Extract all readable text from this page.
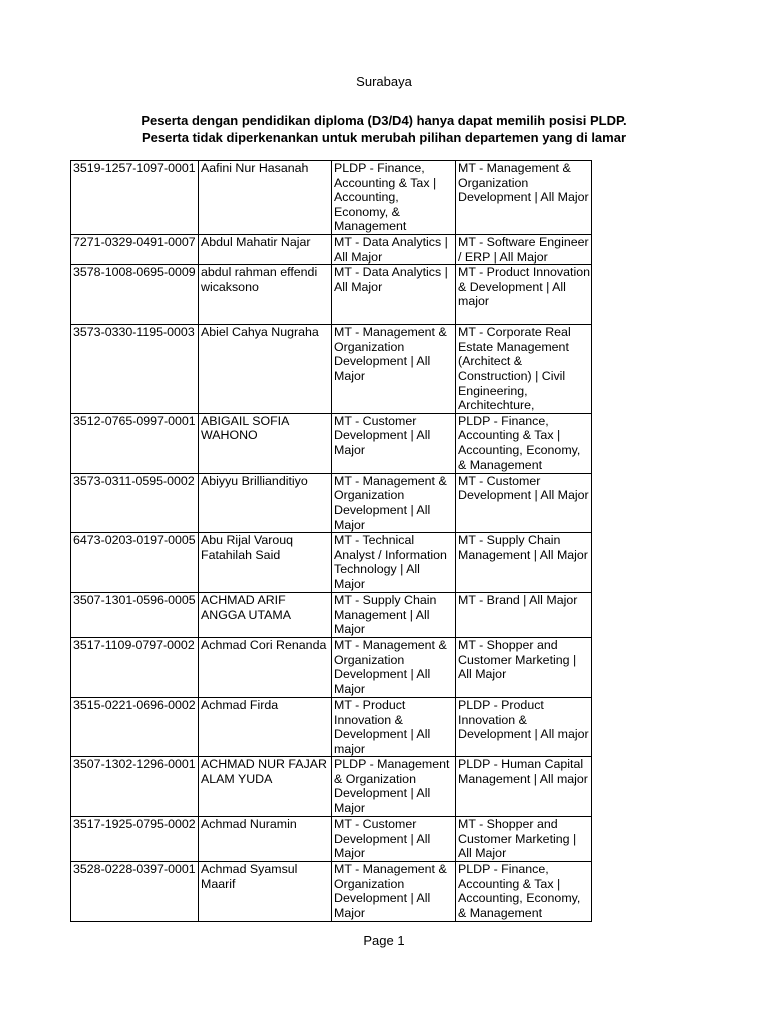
Surabaya
Peserta dengan pendidikan diploma (D3/D4) hanya dapat memilih posisi PLDP.
Peserta tidak diperkenankan untuk merubah pilihan departemen yang di lamar
3519-1257-1097-0001	Aafini Nur Hasanah	PLDP - Finance, Accounting & Tax | Accounting, Economy, & Management	MT - Management & Organization Development | All Major
7271-0329-0491-0007	Abdul Mahatir Najar	MT - Data Analytics | All Major	MT - Software Engineer / ERP | All Major
3578-1008-0695-0009	abdul rahman effendi wicaksono	MT - Data Analytics | All Major	MT - Product Innovation & Development | All major
3573-0330-1195-0003	Abiel Cahya Nugraha	MT - Management & Organization Development | All Major	MT - Corporate Real Estate Management (Architect & Construction) | Civil Engineering, Architechture,
3512-0765-0997-0001	ABIGAIL SOFIA WAHONO	MT - Customer Development | All Major	PLDP - Finance, Accounting & Tax | Accounting, Economy, & Management
3573-0311-0595-0002	Abiyyu Brillianditiyo	MT - Management & Organization Development | All Major	MT - Customer Development | All Major
6473-0203-0197-0005	Abu Rijal Varouq Fatahilah Said	MT - Technical Analyst / Information Technology | All Major	MT - Supply Chain Management | All Major
3507-1301-0596-0005	ACHMAD ARIF ANGGA UTAMA	MT - Supply Chain Management | All Major	MT - Brand | All Major
3517-1109-0797-0002	Achmad Cori Renanda	MT - Management & Organization Development | All Major	MT - Shopper and Customer Marketing | All Major
3515-0221-0696-0002	Achmad Firda	MT - Product Innovation & Development | All major	PLDP - Product Innovation & Development | All major
3507-1302-1296-0001	ACHMAD NUR FAJAR ALAM YUDA	PLDP - Management & Organization Development | All Major	PLDP - Human Capital Management | All major
3517-1925-0795-0002	Achmad Nuramin	MT - Customer Development | All Major	MT - Shopper and Customer Marketing | All Major
3528-0228-0397-0001	Achmad Syamsul Maarif	MT - Management & Organization Development | All Major	PLDP - Finance, Accounting & Tax | Accounting, Economy, & Management
Page 1
